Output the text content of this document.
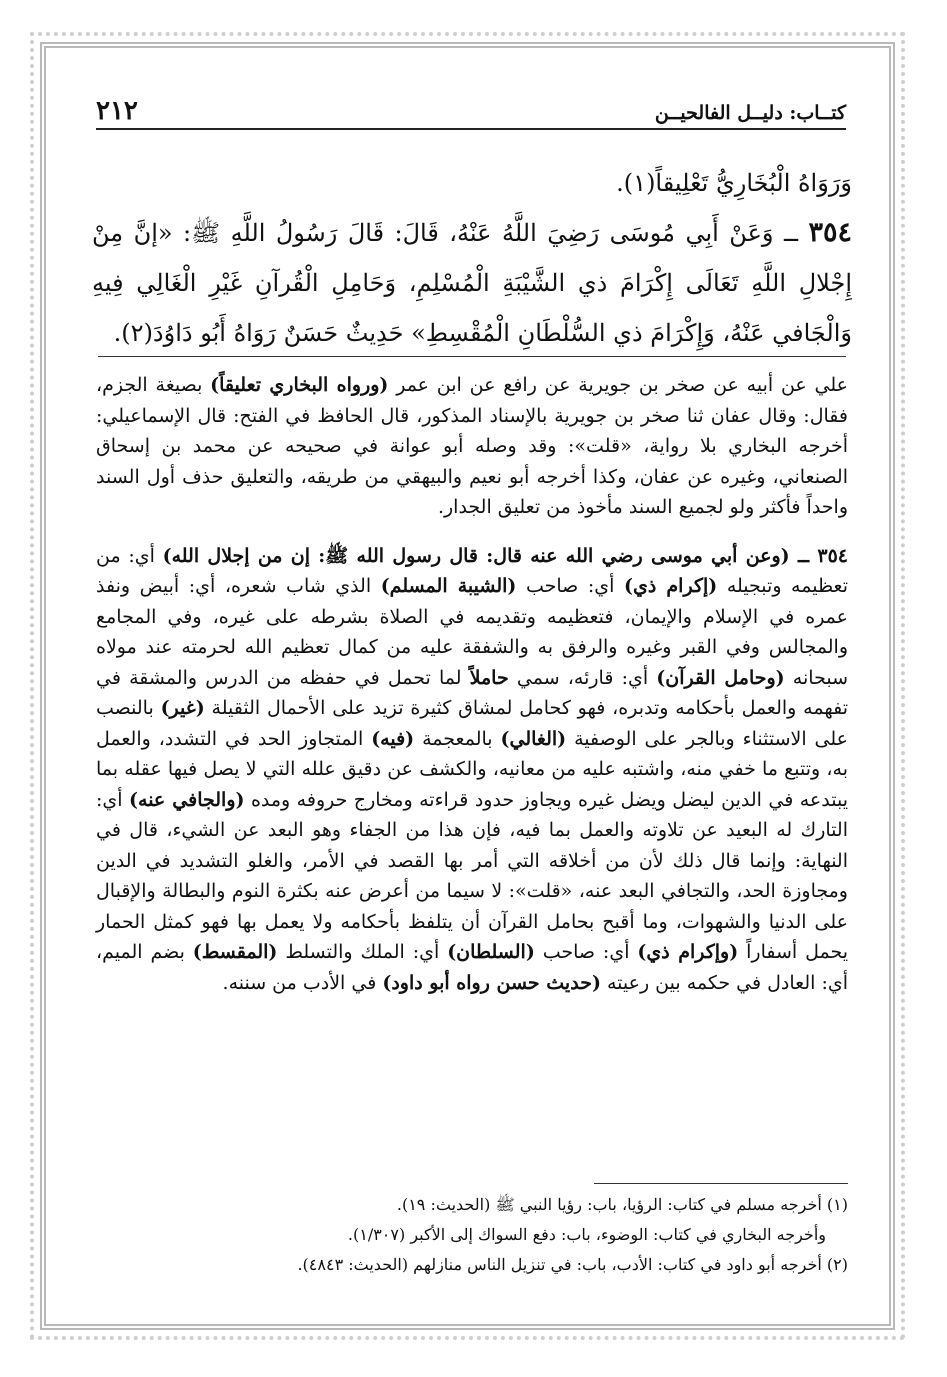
٢١٢	كتــاب: دليــل الفالحيــن

وَرَوَاهُ الْبُخَارِيُّ تَعْلِيقاً(١).

٣٥٤ ــ وَعَنْ أَبِي مُوسَى رَضِيَ اللَّهُ عَنْهُ، قَالَ: قَالَ رَسُولُ اللَّهِ ﷺ: «إنَّ مِنْ إِجْلالِ اللَّهِ تَعَالَى إِكْرَامَ ذي الشَّيْبَةِ الْمُسْلِمِ، وَحَامِلِ الْقُرآنِ غَيْرِ الْغَالِي فِيهِ وَالْجَافي عَنْهُ، وَإِكْرَامَ ذي السُّلْطَانِ الْمُقْسِطِ» حَدِيثٌ حَسَنٌ رَوَاهُ أَبُو دَاوُدَ(٢).

علي عن أبيه عن صخر بن جويرية عن رافع عن ابن عمر (ورواه البخاري تعليقاً) بصيغة الجزم، فقال: وقال عفان ثنا صخر بن جويرية بالإسناد المذكور، قال الحافظ في الفتح: قال الإسماعيلي: أخرجه البخاري بلا رواية، «قلت»: وقد وصله أبو عوانة في صحيحه عن محمد بن إسحاق الصنعاني، وغيره عن عفان، وكذا أخرجه أبو نعيم والبيهقي من طريقه، والتعليق حذف أول السند واحداً فأكثر ولو لجميع السند مأخوذ من تعليق الجدار.

٣٥٤ ــ (وعن أبي موسى رضي الله عنه قال: قال رسول الله ﷺ: إن من إجلال الله) أي: من تعظيمه وتبجيله (إكرام ذي) أي: صاحب (الشيبة المسلم) الذي شاب شعره، أي: أبيض ونفذ عمره في الإسلام والإيمان، فتعظيمه وتقديمه في الصلاة بشرطه على غيره، وفي المجامع والمجالس وفي القبر وغيره والرفق به والشفقة عليه من كمال تعظيم الله لحرمته عند مولاه سبحانه (وحامل القرآن) أي: قارئه، سمي حاملاً لما تحمل في حفظه من الدرس والمشقة في تفهمه والعمل بأحكامه وتدبره، فهو كحامل لمشاق كثيرة تزيد على الأحمال الثقيلة (غير) بالنصب على الاستثناء وبالجر على الوصفية (الغالي) بالمعجمة (فيه) المتجاوز الحد في التشدد، والعمل به، وتتبع ما خفي منه، واشتبه عليه من معانيه، والكشف عن دقيق علله التي لا يصل فيها عقله بما يبتدعه في الدين ليضل ويضل غيره ويجاوز حدود قراءته ومخارج حروفه ومده (والجافي عنه) أي: التارك له البعيد عن تلاوته والعمل بما فيه، فإن هذا من الجفاء وهو البعد عن الشيء، قال في النهاية: وإنما قال ذلك لأن من أخلاقه التي أمر بها القصد في الأمر، والغلو التشديد في الدين ومجاوزة الحد، والتجافي البعد عنه، «قلت»: لا سيما من أعرض عنه بكثرة النوم والبطالة والإقبال على الدنيا والشهوات، وما أقبح بحامل القرآن أن يتلفظ بأحكامه ولا يعمل بها فهو كمثل الحمار يحمل أسفاراً (وإكرام ذي) أي: صاحب (السلطان) أي: الملك والتسلط (المقسط) بضم الميم، أي: العادل في حكمه بين رعيته (حديث حسن رواه أبو داود) في الأدب من سننه.

(١) أخرجه مسلم في كتاب: الرؤيا، باب: رؤيا النبي ﷺ (الحديث: ١٩).
وأخرجه البخاري في كتاب: الوضوء، باب: دفع السواك إلى الأكبر (١/٣٠٧).
(٢) أخرجه أبو داود في كتاب: الأدب، باب: في تنزيل الناس منازلهم (الحديث: ٤٨٤٣).
